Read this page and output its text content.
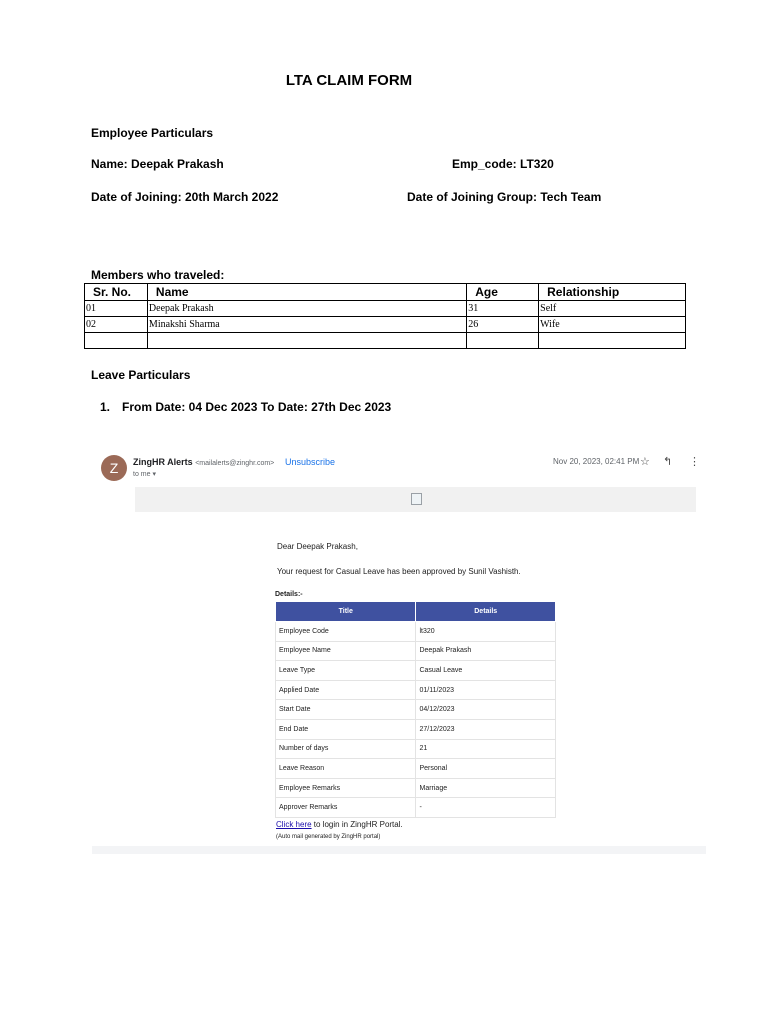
LTA CLAIM FORM
Employee Particulars
Name: Deepak Prakash	Emp_code: LT320
Date of Joining: 20th March 2022	Date of Joining Group: Tech Team
Members who traveled:
Sr. No.	Name	Age	Relationship
01	Deepak Prakash	31	Self
02	Minakshi Sharma	26	Wife

Leave Particulars
1. From Date: 04 Dec 2023 To Date: 27th Dec 2023
Z	ZingHR Alerts <mailalerts@zinghr.com> Unsubscribe
to me ▾
Nov 20, 2023, 02:41 PM ☆ ↰ ⋮
Dear Deepak Prakash,
Your request for Casual Leave has been approved by Sunil Vashisth.
Details:-
Title	Details
Employee Code	lt320
Employee Name	Deepak Prakash
Leave Type	Casual Leave
Applied Date	01/11/2023
Start Date	04/12/2023
End Date	27/12/2023
Number of days	21
Leave Reason	Personal
Employee Remarks	Marriage
Approver Remarks	-
Click here to login in ZingHR Portal.
(Auto mail generated by ZingHR portal)
